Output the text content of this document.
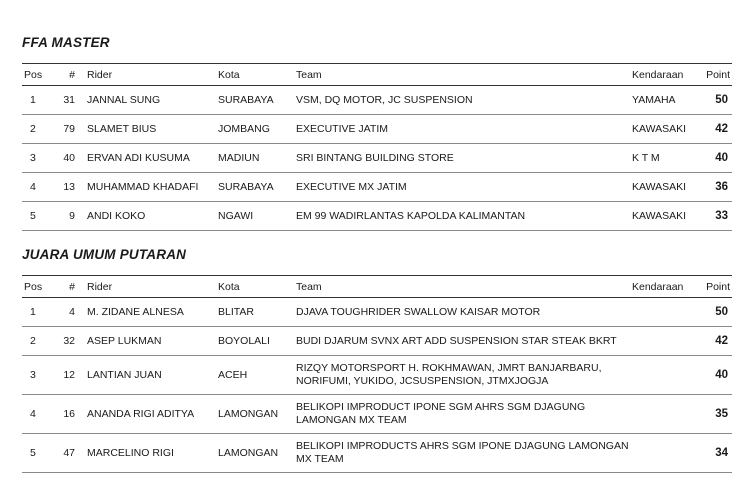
FFA MASTER
Pos	#	Rider	Kota	Team	Kendaraan	Point
1	31	JANNAL SUNG	SURABAYA	VSM, DQ MOTOR, JC SUSPENSION	YAMAHA	50
2	79	SLAMET BIUS	JOMBANG	EXECUTIVE JATIM	KAWASAKI	42
3	40	ERVAN ADI KUSUMA	MADIUN	SRI BINTANG BUILDING STORE	K T M	40
4	13	MUHAMMAD KHADAFI	SURABAYA	EXECUTIVE MX JATIM	KAWASAKI	36
5	9	ANDI KOKO	NGAWI	EM 99 WADIRLANTAS KAPOLDA KALIMANTAN	KAWASAKI	33
JUARA UMUM PUTARAN
Pos	#	Rider	Kota	Team	Kendaraan	Point
1	4	M. ZIDANE ALNESA	BLITAR	DJAVA TOUGHRIDER SWALLOW KAISAR MOTOR		50
2	32	ASEP LUKMAN	BOYOLALI	BUDI DJARUM SVNX ART ADD SUSPENSION STAR STEAK BKRT		42
3	12	LANTIAN JUAN	ACEH	RIZQY MOTORSPORT H. ROKHMAWAN, JMRT BANJARBARU, NORIFUMI, YUKIDO, JCSUSPENSION, JTMXJOGJA		40
4	16	ANANDA RIGI ADITYA	LAMONGAN	BELIKOPI IMPRODUCT IPONE SGM AHRS SGM DJAGUNG LAMONGAN MX TEAM		35
5	47	MARCELINO RIGI	LAMONGAN	BELIKOPI IMPRODUCTS AHRS SGM IPONE DJAGUNG LAMONGAN MX TEAM		34
